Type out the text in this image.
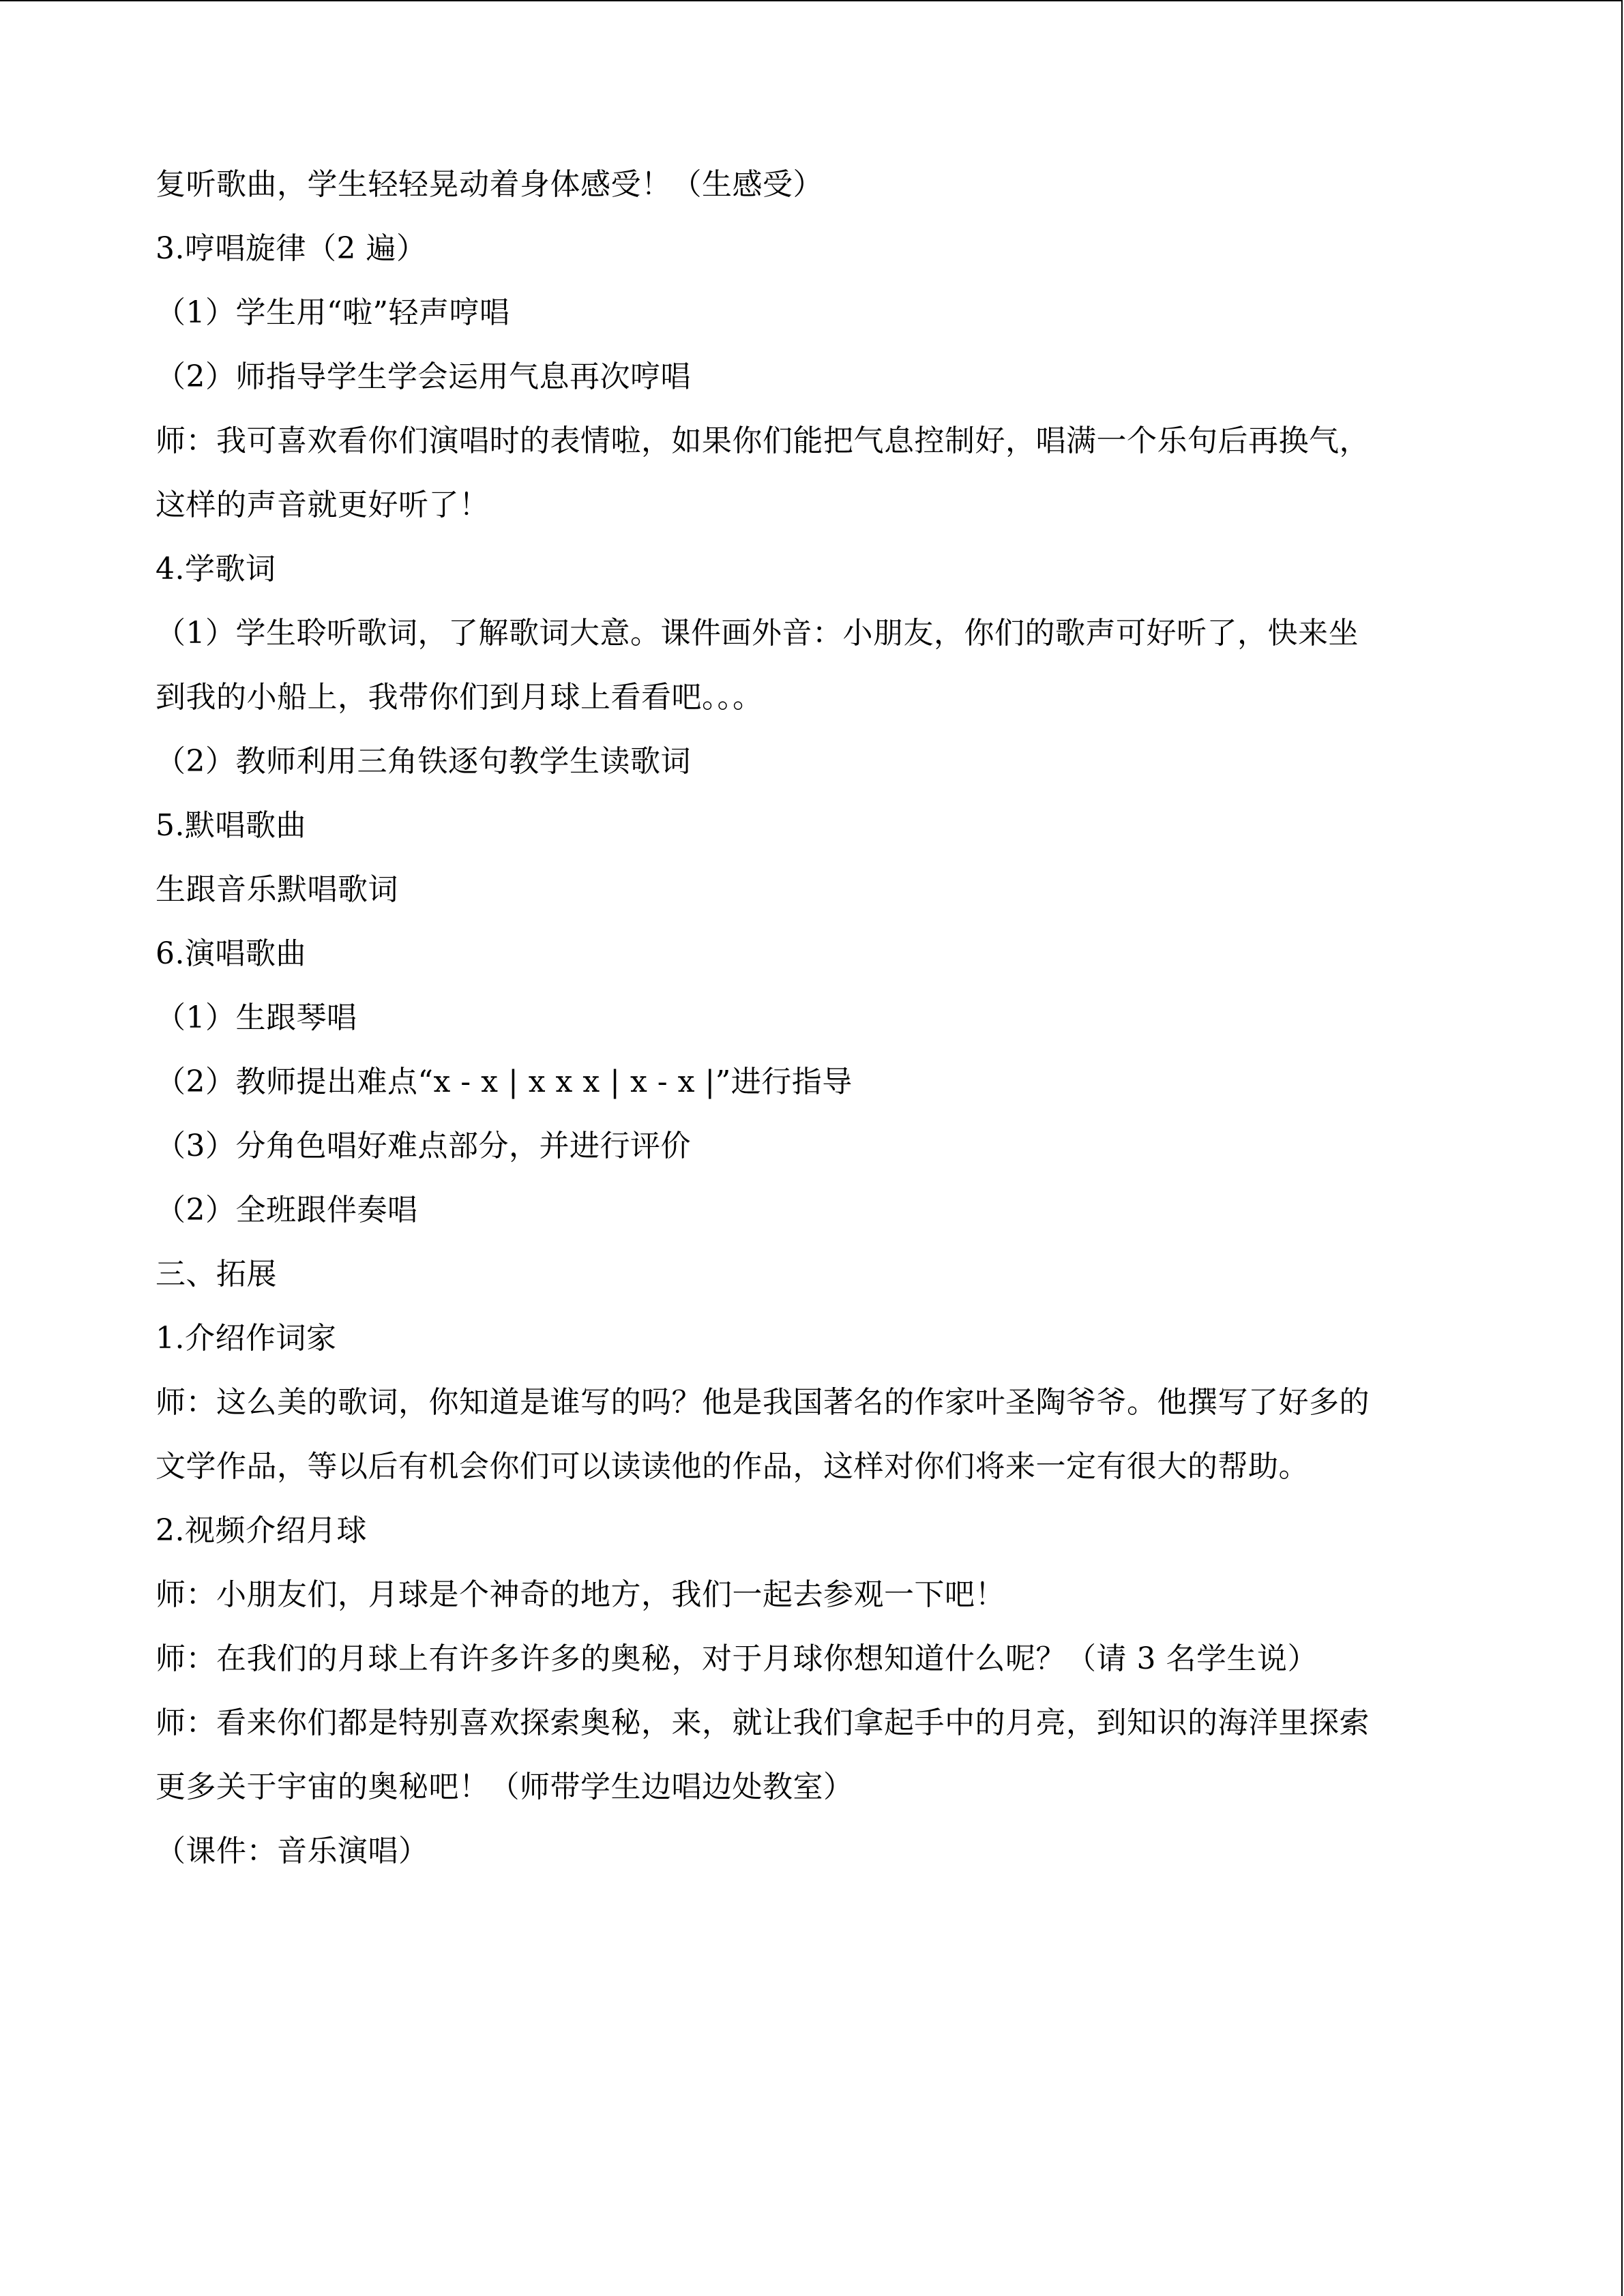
复听歌曲，学生轻轻晃动着身体感受！（生感受）
3.哼唱旋律（2 遍）
（1）学生用“啦”轻声哼唱
（2）师指导学生学会运用气息再次哼唱
师：我可喜欢看你们演唱时的表情啦，如果你们能把气息控制好，唱满一个乐句后再换气，
这样的声音就更好听了！
4.学歌词
（1）学生聆听歌词，了解歌词大意。课件画外音：小朋友，你们的歌声可好听了，快来坐
到我的小船上，我带你们到月球上看看吧。。。
（2）教师利用三角铁逐句教学生读歌词
5.默唱歌曲
生跟音乐默唱歌词
6.演唱歌曲
（1）生跟琴唱
（2）教师提出难点“x - x | x x x | x - x |”进行指导
（3）分角色唱好难点部分，并进行评价
（2）全班跟伴奏唱
三、拓展
1.介绍作词家
师：这么美的歌词，你知道是谁写的吗？他是我国著名的作家叶圣陶爷爷。他撰写了好多的
文学作品，等以后有机会你们可以读读他的作品，这样对你们将来一定有很大的帮助。
2.视频介绍月球
师：小朋友们，月球是个神奇的地方，我们一起去参观一下吧！
师：在我们的月球上有许多许多的奥秘，对于月球你想知道什么呢？（请 3 名学生说）
师：看来你们都是特别喜欢探索奥秘，来，就让我们拿起手中的月亮，到知识的海洋里探索
更多关于宇宙的奥秘吧！（师带学生边唱边处教室）
（课件：音乐演唱）
